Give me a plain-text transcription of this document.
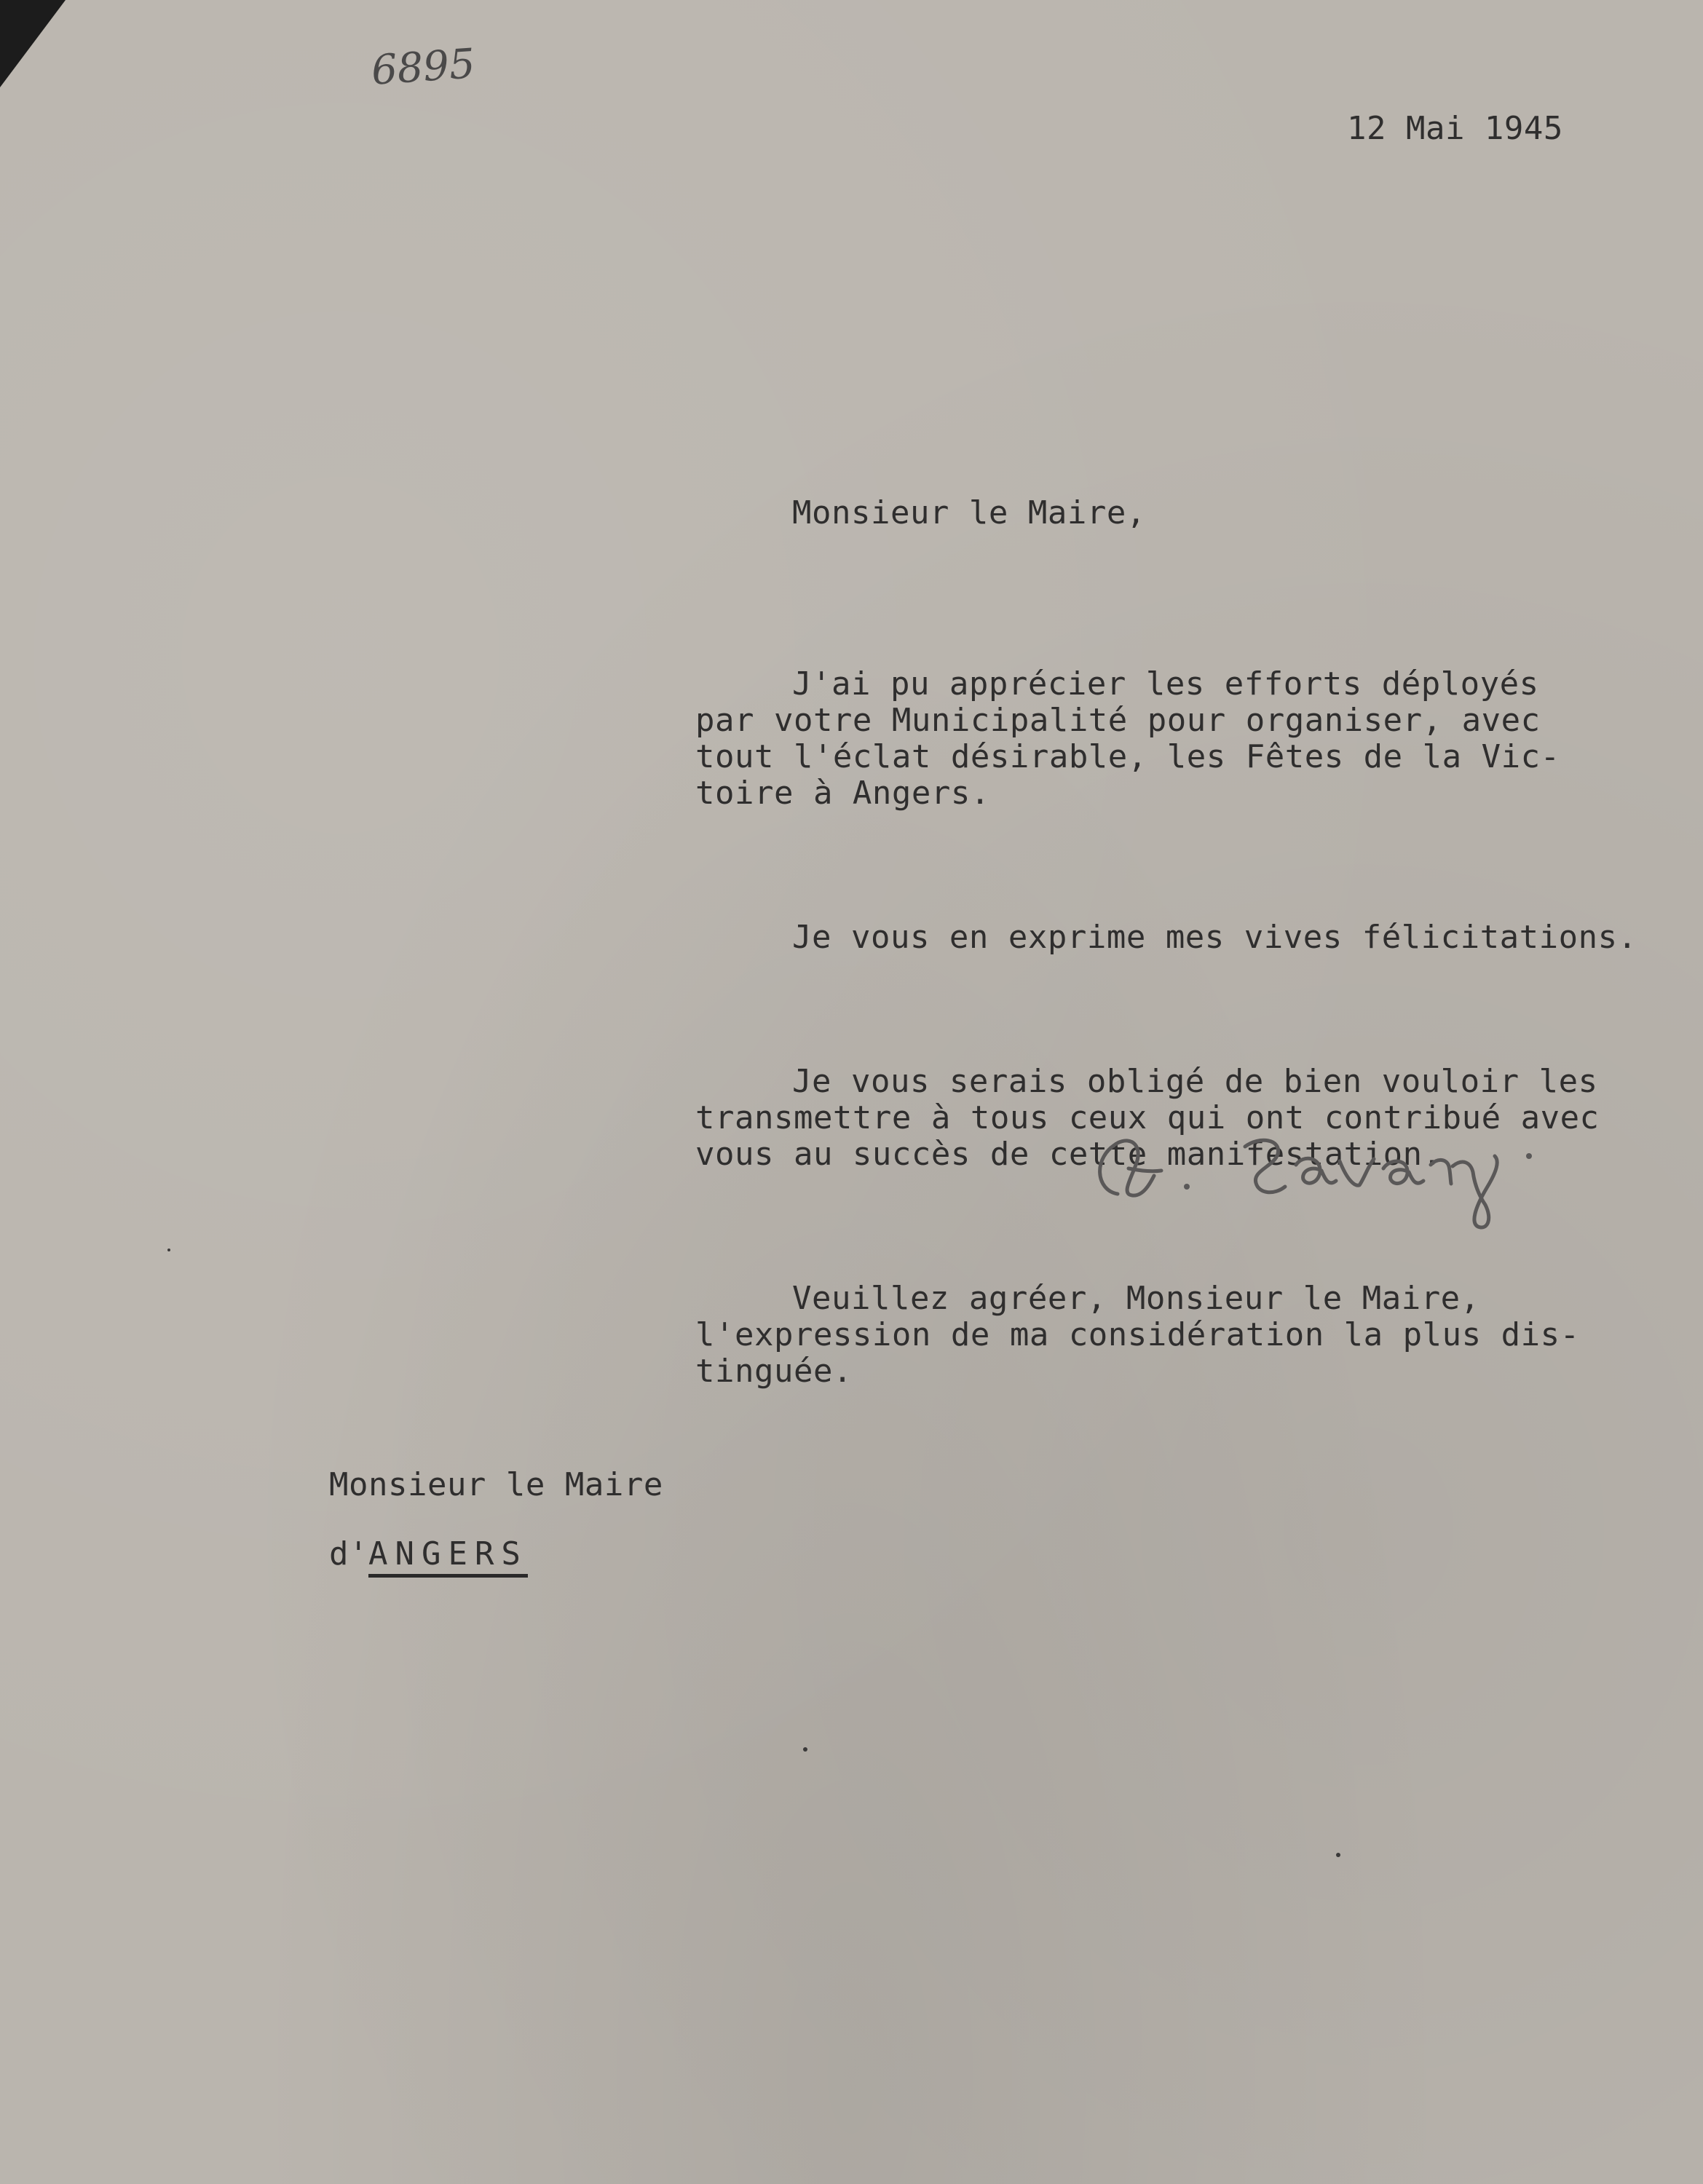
6895
12 Mai 1945
Monsieur le Maire,

J'ai pu apprécier les efforts déployés
par votre Municipalité pour organiser, avec
tout l'éclat désirable, les Fêtes de la Vic-
toire à Angers.

Je vous en exprime mes vives félicitations.

Je vous serais obligé de bien vouloir les
transmettre à tous ceux qui ont contribué avec
vous au succès de cette manifestation.

Veuillez agréer, Monsieur le Maire,
l'expression de ma considération la plus dis-
tinguée.

Monsieur le Maire
d'ANGERS
